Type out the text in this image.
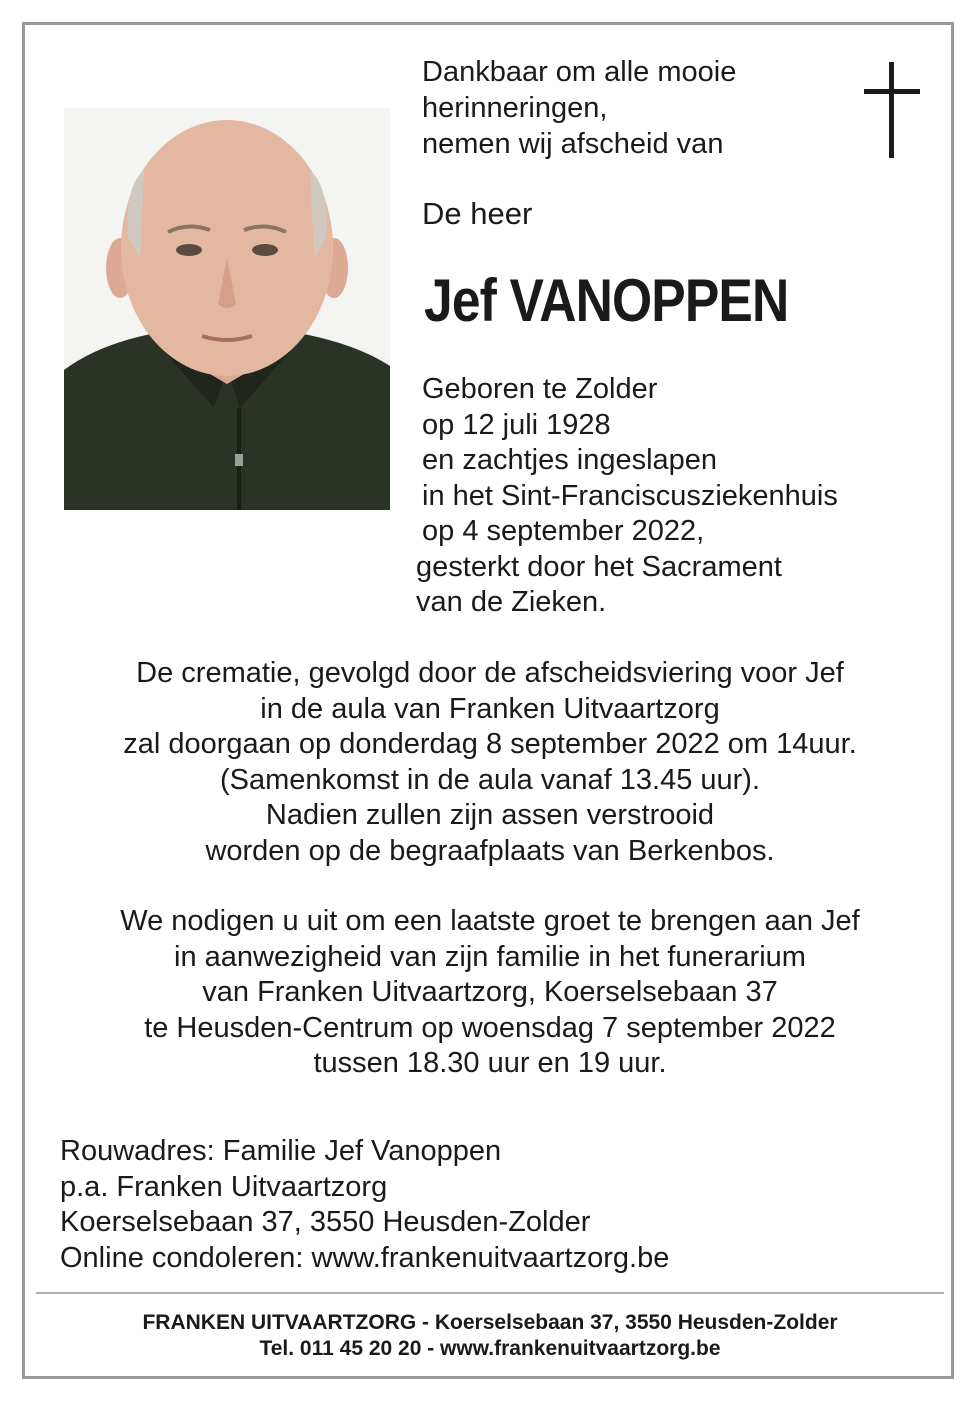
Dankbaar om alle mooie
herinneringen,
nemen wij afscheid van
De heer
Jef VANOPPEN
Geboren te Zolder
op 12 juli 1928
en zachtjes ingeslapen
in het Sint-Franciscusziekenhuis
op 4 september 2022,
gesterkt door het Sacrament
van de Zieken.
De crematie, gevolgd door de afscheidsviering voor Jef
in de aula van Franken Uitvaartzorg
zal doorgaan op donderdag 8 september 2022 om 14uur.
(Samenkomst in de aula vanaf 13.45 uur).
Nadien zullen zijn assen verstrooid
worden op de begraafplaats van Berkenbos.
We nodigen u uit om een laatste groet te brengen aan Jef
in aanwezigheid van zijn familie in het funerarium
van Franken Uitvaartzorg, Koerselsebaan 37
te Heusden-Centrum op woensdag 7 september 2022
tussen 18.30 uur en 19 uur.
Rouwadres: Familie Jef Vanoppen
p.a. Franken Uitvaartzorg
Koerselsebaan 37, 3550 Heusden-Zolder
Online condoleren: www.frankenuitvaartzorg.be
FRANKEN UITVAARTZORG - Koerselsebaan 37, 3550 Heusden-Zolder
Tel. 011 45 20 20 - www.frankenuitvaartzorg.be
